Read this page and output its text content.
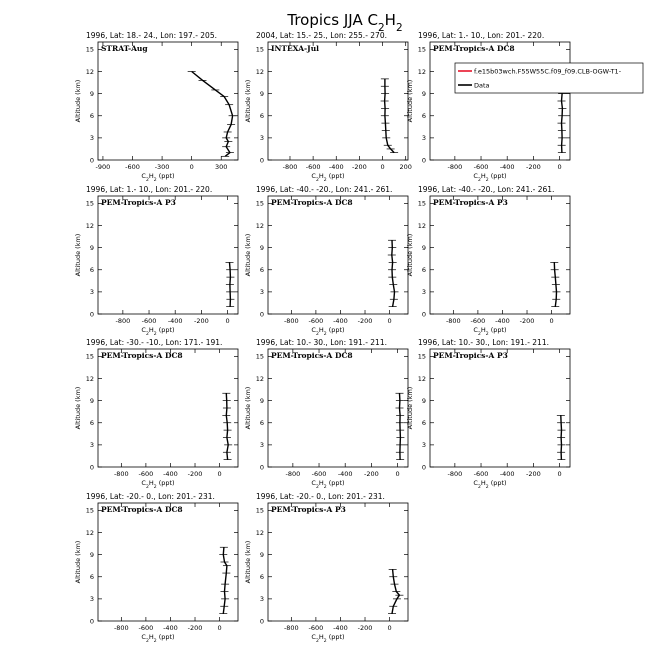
Tropics JJA $C_2H_2$
1996, Lat: 18.- 24., Lon: 197.- 205.
STRAT-Aug
0
3
6
9
12
15
-900 -600 -300	0	300
$C_2H_2$ (ppt)
Altitude (km)
2004, Lat: 15.- 25., Lon: 255.- 270.
INTEXA-Jul
0
3
6
9
12
15
-800 -600 -400 -200 0 200
$C_2H_2$ (ppt)
Altitude (km)
1996, Lat: 1.- 10., Lon: 201.- 220.
PEM-Tropics-A DC8
0
3
6
9
12
15
-800 -600 -400 -200	0
$C_2H_2$ (ppt)
Altitude (km)
1996, Lat: 1.- 10., Lon: 201.- 220.
PEM-Tropics-A P3
0
3
6
9
12
15
-800 -600 -400 -200	0
$C_2H_2$ (ppt)
Altitude (km)
1996, Lat: -40.- -20., Lon: 241.- 261.
PEM-Tropics-A DC8
0
3
6
9
12
15
-800 -600 -400 -200 0
$C_2H_2$ (ppt)
Altitude (km)
1996, Lat: -40.- -20., Lon: 241.- 261.
PEM-Tropics-A P3
0
3
6
9
12
15
-800 -600 -400 -200 0
$C_2H_2$ (ppt)
Altitude (km)
1996, Lat: -30.- -10., Lon: 171.- 191.
PEM-Tropics-A DC8
0
3
6
9
12
15
-800 -600 -400 -200 0
$C_2H_2$ (ppt)
Altitude (km)
1996, Lat: 10.- 30., Lon: 191.- 211.
PEM-Tropics-A DC8
0
3
6
9
12
15
-800 -600 -400 -200	0
$C_2H_2$ (ppt)
Altitude (km)
1996, Lat: 10.- 30., Lon: 191.- 211.
PEM-Tropics-A P3
0
3
6
9
12
15
-800 -600 -400 -200	0
$C_2H_2$ (ppt)
Altitude (km)
1996, Lat: -20.- 0., Lon: 201.- 231.
PEM-Tropics-A DC8
0
3
6
9
12
15
-800 -600 -400 -200 0
$C_2H_2$ (ppt)
Altitude (km)
1996, Lat: -20.- 0., Lon: 201.- 231.
PEM-Tropics-A P3
0
3
6
9
12
15
-800 -600 -400 -200 0
$C_2H_2$ (ppt)
Altitude (km)
f.e15b03wch.F55W55C.f09_f09.CLB-OGW-T1-
Data
